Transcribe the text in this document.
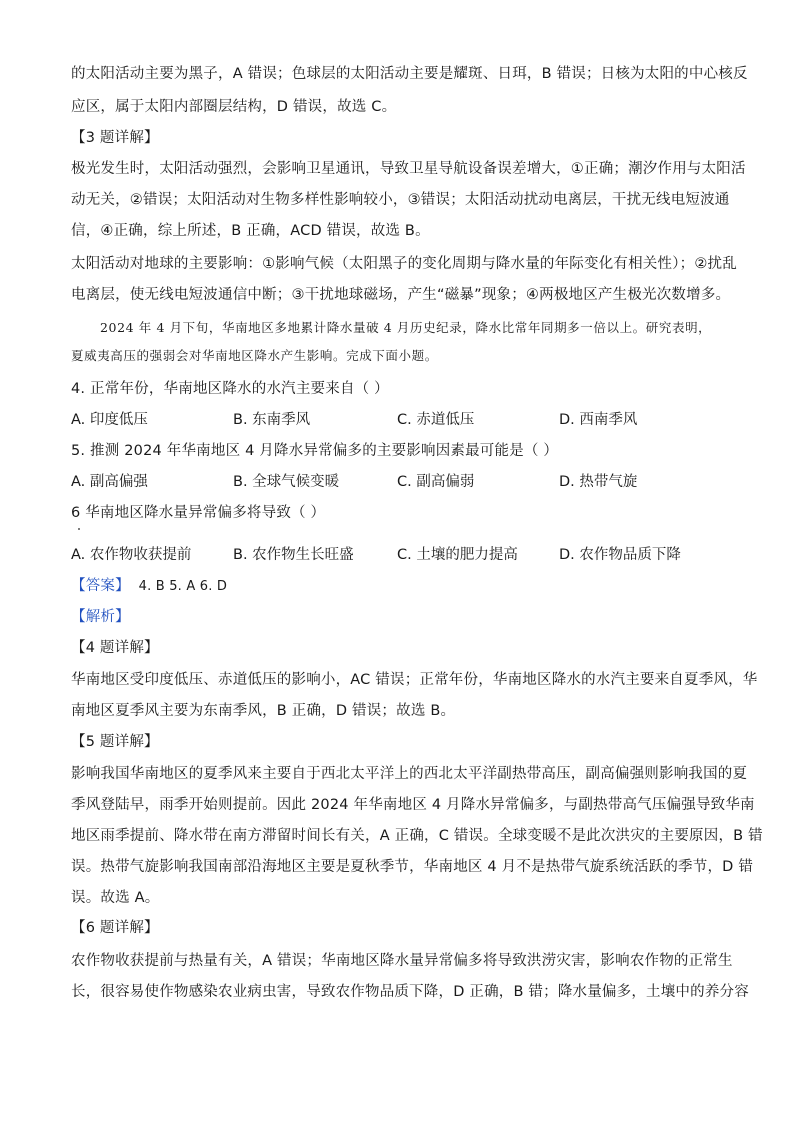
的太阳活动主要为黑子，A 错误；色球层的太阳活动主要是耀斑、日珥，B 错误；日核为太阳的中心核反
应区，属于太阳内部圈层结构，D 错误，故选 C。
【3 题详解】
极光发生时，太阳活动强烈，会影响卫星通讯，导致卫星导航设备误差增大，①正确；潮汐作用与太阳活
动无关，②错误；太阳活动对生物多样性影响较小，③错误；太阳活动扰动电离层，干扰无线电短波通
信，④正确，综上所述，B 正确，ACD 错误，故选 B。
太阳活动对地球的主要影响：①影响气候（太阳黑子的变化周期与降水量的年际变化有相关性）；②扰乱
电离层，使无线电短波通信中断；③干扰地球磁场，产生“磁暴”现象；④两极地区产生极光次数增多。
2024 年 4 月下旬，华南地区多地累计降水量破 4 月历史纪录，降水比常年同期多一倍以上。研究表明，
夏威夷高压的强弱会对华南地区降水产生影响。完成下面小题。
4. 正常年份，华南地区降水的水汽主要来自（ ）
A. 印度低压	B. 东南季风	C. 赤道低压	D. 西南季风
5. 推测 2024 年华南地区 4 月降水异常偏多的主要影响因素最可能是（ ）
A. 副高偏强	B. 全球气候变暖	C. 副高偏弱	D. 热带气旋
6 华南地区降水量异常偏多将导致（ ）
A. 农作物收获提前	B. 农作物生长旺盛	C. 土壤的肥力提高	D. 农作物品质下降
【答案】 4. B 5. A 6. D
【解析】
【4 题详解】
华南地区受印度低压、赤道低压的影响小，AC 错误；正常年份，华南地区降水的水汽主要来自夏季风，华
南地区夏季风主要为东南季风，B 正确，D 错误；故选 B。
【5 题详解】
影响我国华南地区的夏季风来主要自于西北太平洋上的西北太平洋副热带高压，副高偏强则影响我国的夏
季风登陆早，雨季开始则提前。因此 2024 年华南地区 4 月降水异常偏多，与副热带高气压偏强导致华南
地区雨季提前、降水带在南方滞留时间长有关，A 正确，C 错误。全球变暖不是此次洪灾的主要原因，B 错
误。热带气旋影响我国南部沿海地区主要是夏秋季节，华南地区 4 月不是热带气旋系统活跃的季节，D 错
误。故选 A。
【6 题详解】
农作物收获提前与热量有关，A 错误；华南地区降水量异常偏多将导致洪涝灾害，影响农作物的正常生
长，很容易使作物感染农业病虫害，导致农作物品质下降，D 正确，B 错；降水量偏多，土壤中的养分容
